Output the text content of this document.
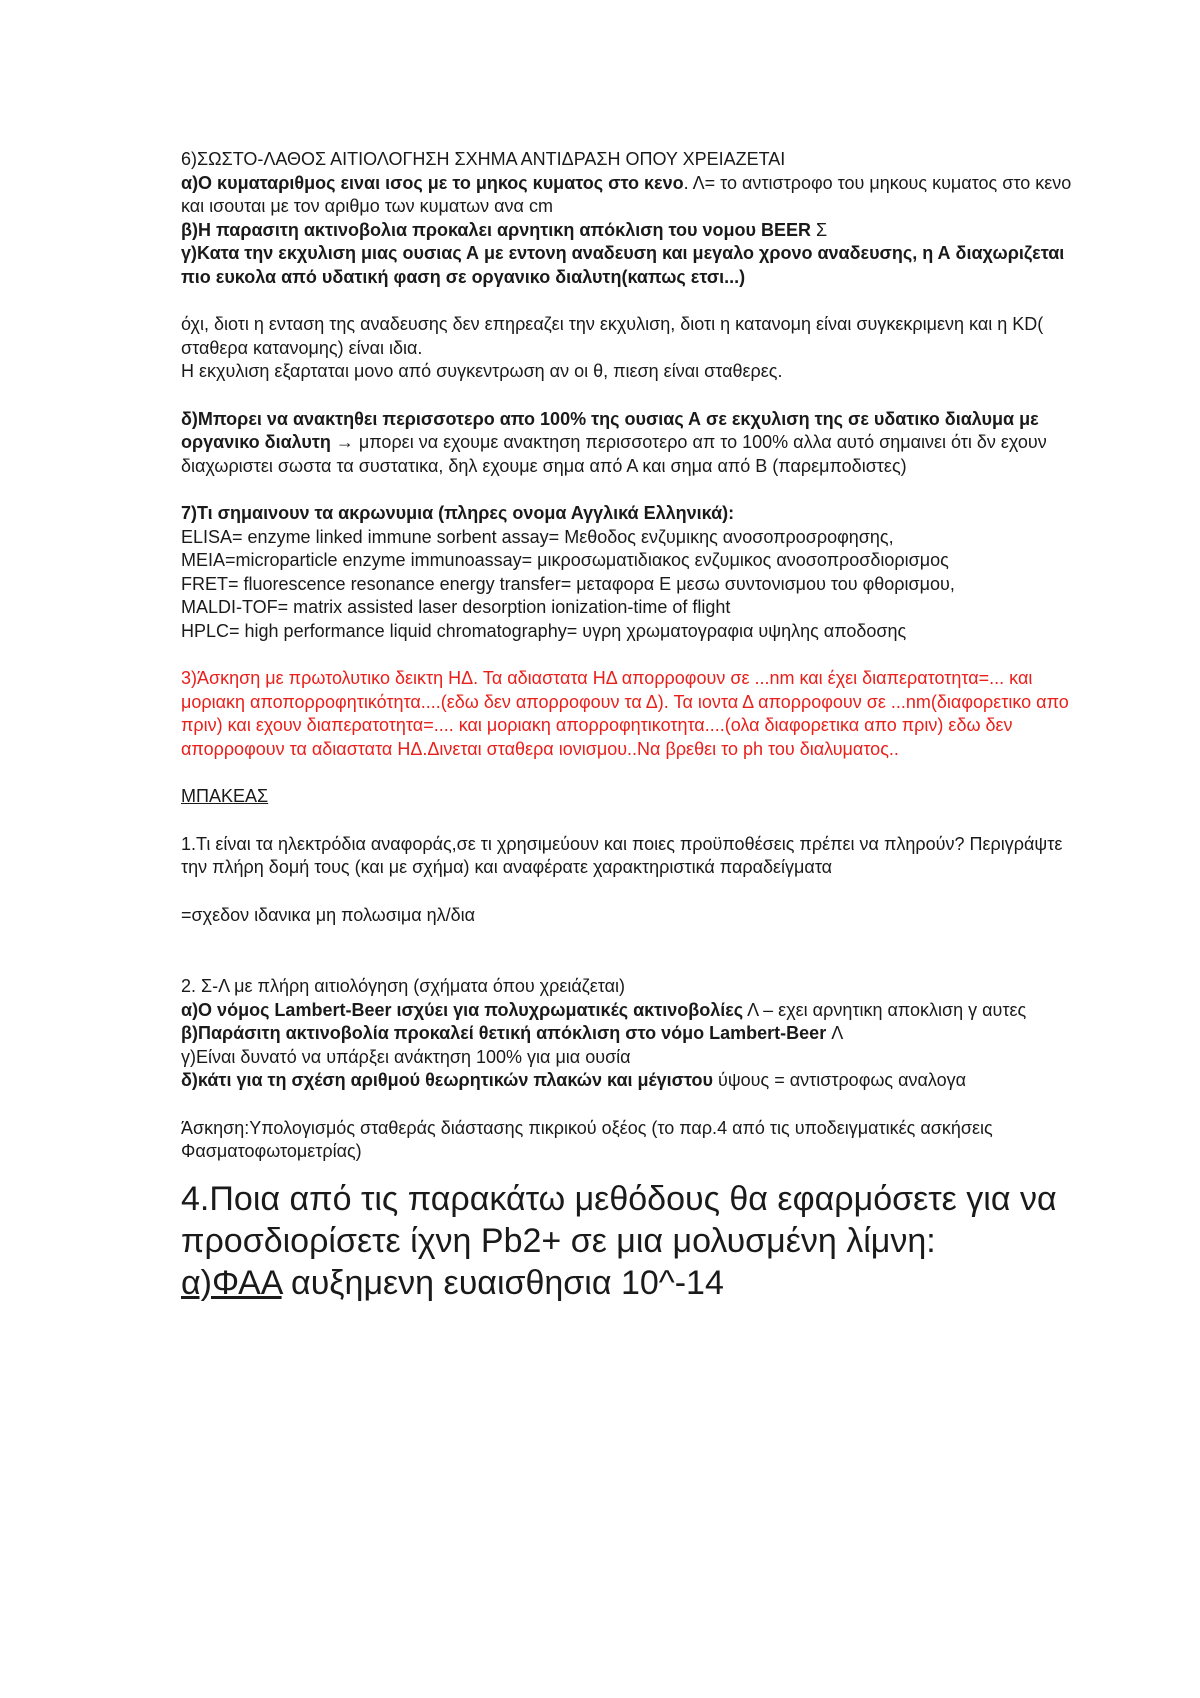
6)ΣΩΣΤΟ-ΛΑΘΟΣ ΑΙΤΙΟΛΟΓΗΣΗ ΣΧΗΜΑ ΑΝΤΙΔΡΑΣΗ ΟΠΟΥ ΧΡΕΙΑΖΕΤΑΙ

α)Ο κυματαριθμος ειναι ισος με το μηκος κυματος στο κενο. Λ= το αντιστροφο του μηκους κυματος στο κενο και ισουται με τον αριθμο των κυματων ανα cm

β)Η παρασιτη ακτινοβολια προκαλει αρνητικη απόκλιση του νομου BEER Σ

γ)Κατα την εκχυλιση μιας ουσιας Α με εντονη αναδευση και μεγαλο χρονο αναδευσης, η Α διαχωριζεται πιο ευκολα από υδατική φαση σε οργανικο διαλυτη(καπως ετσι...)

όχι, διοτι η ενταση της αναδευσης δεν επηρεαζει την εκχυλιση, διοτι η κατανομη είναι συγκεκριμενη και η KD( σταθερα κατανομης) είναι ιδια.

Η εκχυλιση εξαρταται μονο από συγκεντρωση αν οι θ, πιεση είναι σταθερες.

δ)Μπορει να ανακτηθει περισσοτερο απο 100% της ουσιας Α σε εκχυλιση της σε υδατικο διαλυμα με οργανικο διαλυτη → μπορει να εχουμε ανακτηση περισσοτερο απ το 100% αλλα αυτό σημαινει ότι δν εχουν διαχωριστει σωστα τα συστατικα, δηλ εχουμε σημα από Α και σημα από Β (παρεμποδιστες)

7)Τι σημαινουν τα ακρωνυμια (πληρες ονομα Αγγλικά Ελληνικά):

ELISA= enzyme linked immune sorbent assay= Μεθοδος ενζυμικης ανοσοπροσροφησης,

MEIA=microparticle enzyme immunoassay= μικροσωματιδιακος ενζυμικος ανοσοπροσδιορισμος

FRET= fluorescence resonance energy transfer= μεταφορα Ε μεσω συντονισμου του φθορισμου,

MALDI-TOF= matrix assisted laser desorption ionization-time of flight

HPLC= high performance liquid chromatography= υγρη χρωματογραφια υψηλης αποδοσης

3)Άσκηση με πρωτολυτικο δεικτη ΗΔ. Τα αδιαστατα ΗΔ απορροφουν σε ...nm και έχει διαπερατοτητα=... και μοριακη αποπορροφητικότητα....(εδω δεν απορροφουν τα Δ). Τα ιοντα Δ απορροφουν σε ...nm(διαφορετικο απο πριν) και εχουν διαπερατοτητα=.... και μοριακη απορροφητικοτητα....(ολα διαφορετικα απο πριν) εδω δεν απορροφουν τα αδιαστατα ΗΔ.Δινεται σταθερα ιονισμου..Να βρεθει το ph του διαλυματος..

ΜΠΑΚΕΑΣ

1.Τι είναι τα ηλεκτρόδια αναφοράς,σε τι χρησιμεύουν και ποιες προϋποθέσεις πρέπει να πληρούν? Περιγράψτε την πλήρη δομή τους (και με σχήμα) και αναφέρατε χαρακτηριστικά παραδείγματα

=σχεδον ιδανικα μη πολωσιμα ηλ/δια

2. Σ-Λ με πλήρη αιτιολόγηση (σχήματα όπου χρειάζεται)

α)Ο νόμος Lambert-Beer ισχύει για πολυχρωματικές ακτινοβολίες Λ – εχει αρνητικη αποκλιση γ αυτες

β)Παράσιτη ακτινοβολία προκαλεί θετική απόκλιση στο νόμο Lambert-Beer Λ

γ)Είναι δυνατό να υπάρξει ανάκτηση 100% για μια ουσία

δ)κάτι για τη σχέση αριθμού θεωρητικών πλακών και μέγιστου ύψους = αντιστροφως αναλογα

Άσκηση:Υπολογισμός σταθεράς διάστασης πικρικού οξέος (το παρ.4 από τις υποδειγματικές ασκήσεις Φασματοφωτομετρίας)

4.Ποια από τις παρακάτω μεθόδους θα εφαρμόσετε για να προσδιορίσετε ίχνη Pb2+ σε μια μολυσμένη λίμνη:

α)ΦΑΑ αυξημενη ευαισθησια 10^-14
